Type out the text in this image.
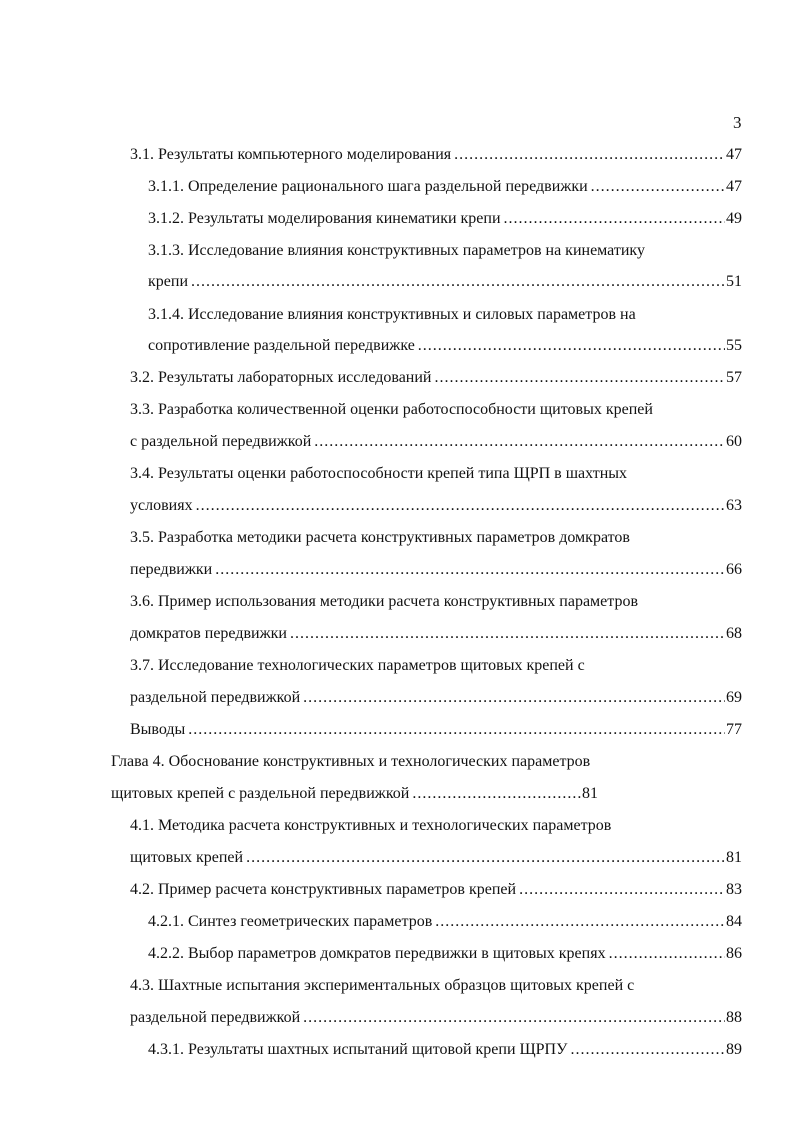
3
3.1. Результаты компьютерного моделирования .....	47
3.1.1. Определение рационального шага раздельной передвижки .....	47
3.1.2. Результаты моделирования кинематики крепи .....	49
3.1.3. Исследование влияния конструктивных параметров на кинематику
крепи .....	51
3.1.4. Исследование влияния конструктивных и силовых параметров на
сопротивление раздельной передвижке .....	55
3.2. Результаты лабораторных исследований .....	57
3.3. Разработка количественной оценки работоспособности щитовых крепей
с раздельной передвижкой .....	60
3.4. Результаты оценки работоспособности крепей типа ЩРП в шахтных
условиях .....	63
3.5. Разработка методики расчета конструктивных параметров домкратов
передвижки .....	66
3.6. Пример использования методики расчета конструктивных параметров
домкратов передвижки .....	68
3.7. Исследование технологических параметров щитовых крепей с
раздельной передвижкой .....	69
Выводы .....	77
Глава 4. Обоснование конструктивных и технологических параметров
щитовых крепей с раздельной передвижкой .....	81
4.1. Методика расчета конструктивных и технологических параметров
щитовых крепей .....	81
4.2. Пример расчета конструктивных параметров крепей .....	83
4.2.1. Синтез геометрических параметров .....	84
4.2.2. Выбор параметров домкратов передвижки в щитовых крепях .....	86
4.3. Шахтные испытания экспериментальных образцов щитовых крепей с
раздельной передвижкой .....	88
4.3.1. Результаты шахтных испытаний щитовой крепи ЩРПУ .....	89
